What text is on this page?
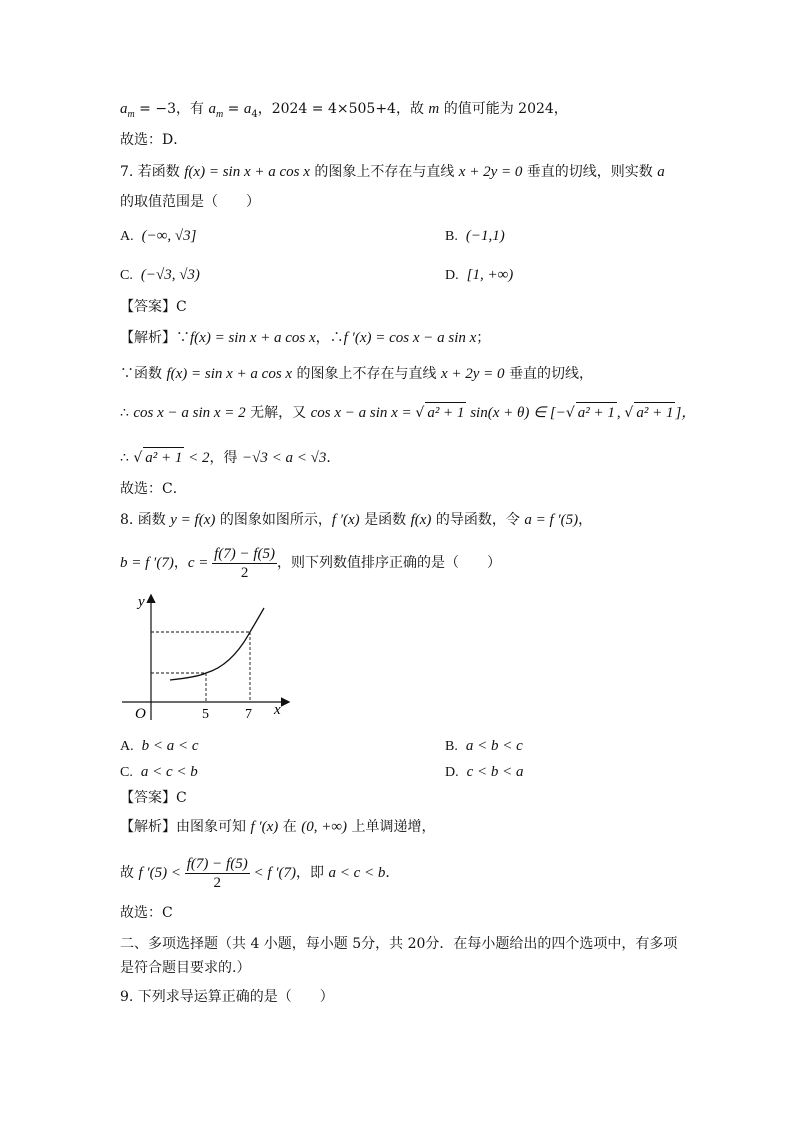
$a_m = -3$，有 $a_m = a_4$，2024 = 4×505+4，故 m 的值可能为 2024，
故选：D．
7. 若函数 f(x) = sin x + a cos x 的图象上不存在与直线 x + 2y = 0 垂直的切线，则实数 a
的取值范围是（　　）
A. (−∞, √3]	B. (−1,1)
C. (−√3, √3)	D. [1, +∞)
【答案】C
【解析】∵f(x) = sin x + a cos x，∴f ′(x) = cos x − a sin x；
∵函数 f(x) = sin x + a cos x 的图象上不存在与直线 x + 2y = 0 垂直的切线，
∴ cos x − a sin x = 2 无解，又 cos x − a sin x = √ a² + 1 sin(x + θ) ∈ [−√ a² + 1 , √ a² + 1 ]，
∴ √ a² + 1 < 2，得 −√3 < a < √3．
故选：C．
8. 函数 y = f(x) 的图象如图所示，f ′(x) 是函数 f(x) 的导函数，令 a = f ′(5)，
b = f ′(7)，$c = \frac{f(7) - f(5)}{2}$ ，则下列数值排序正确的是（　　）
y
x
O	5	7
A. b < a < c	B. a < b < c
C. a < c < b	D. c < b < a
【答案】C
【解析】由图象可知 f ′(x) 在 (0, +∞) 上单调递增，
故 f $'(5) < \frac{f(7) - f(5)}{2} < f$ ′(7)，即 a < c < b．
故选：C
二、多项选择题（共 4 小题，每小题 5分，共 20分．在每小题给出的四个选项中，有多项
是符合题目要求的.）
9. 下列求导运算正确的是（　　）
